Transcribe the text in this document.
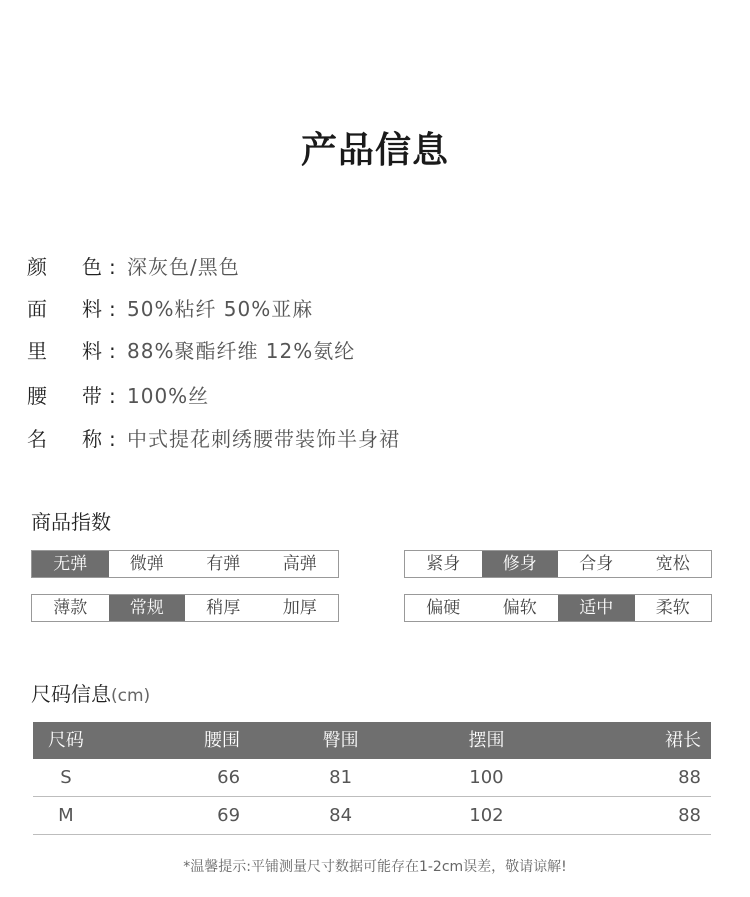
产品信息
颜 色 : 深灰色/黑色
面 料 : 50%粘纤 50%亚麻
里 料 : 88%聚酯纤维 12%氨纶
腰 带 : 100%丝
名 称 : 中式提花刺绣腰带装饰半身裙
商品指数
无弹	微弹	有弹	高弹	紧身	修身	合身	宽松
薄款	常规	稍厚	加厚	偏硬	偏软	适中	柔软
尺码信息(cm)
尺码	腰围	臀围	摆围	裙长
S	66	81	100	88
M	69	84	102	88
*温馨提示:平铺测量尺寸数据可能存在1-2cm误差，敬请谅解!
